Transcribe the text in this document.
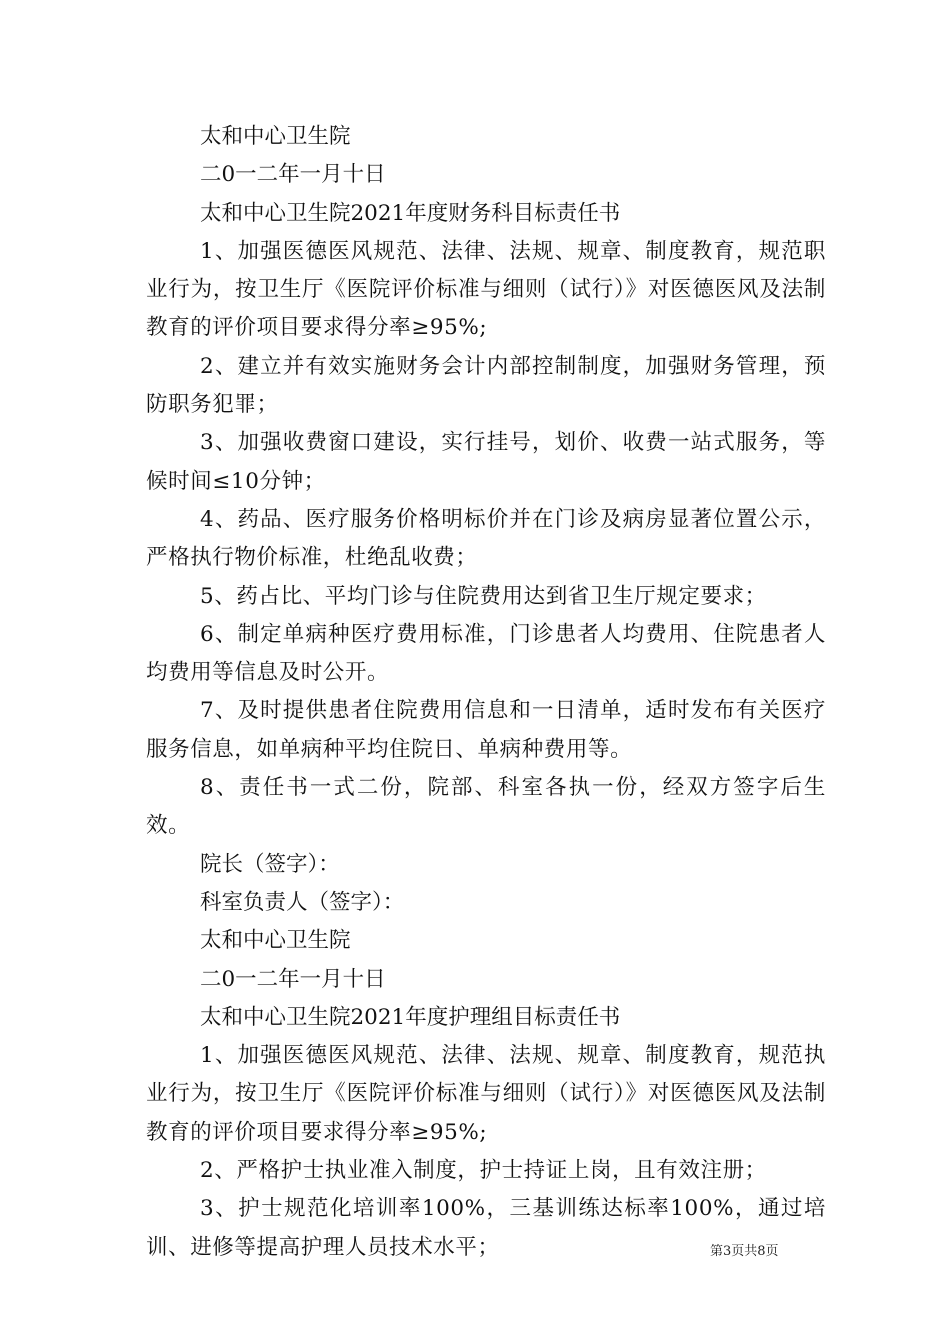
太和中心卫生院
二0一二年一月十日
太和中心卫生院2021年度财务科目标责任书
1、加强医德医风规范、法律、法规、规章、制度教育，规范职业行为，按卫生厅《医院评价标准与细则（试行）》对医德医风及法制教育的评价项目要求得分率≥95%;
2、建立并有效实施财务会计内部控制制度，加强财务管理，预防职务犯罪；
3、加强收费窗口建设，实行挂号，划价、收费一站式服务，等候时间≤10分钟；
4、药品、医疗服务价格明标价并在门诊及病房显著位置公示，严格执行物价标准，杜绝乱收费；
5、药占比、平均门诊与住院费用达到省卫生厅规定要求；
6、制定单病种医疗费用标准，门诊患者人均费用、住院患者人均费用等信息及时公开。
7、及时提供患者住院费用信息和一日清单，适时发布有关医疗服务信息，如单病种平均住院日、单病种费用等。
8、责任书一式二份，院部、科室各执一份，经双方签字后生效。
院长（签字）：
科室负责人（签字）：
太和中心卫生院
二0一二年一月十日
太和中心卫生院2021年度护理组目标责任书
1、加强医德医风规范、法律、法规、规章、制度教育，规范执业行为，按卫生厅《医院评价标准与细则（试行）》对医德医风及法制教育的评价项目要求得分率≥95%;
2、严格护士执业准入制度，护士持证上岗，且有效注册；
3、护士规范化培训率100%，三基训练达标率100%，通过培训、进修等提高护理人员技术水平；	第3页共8页
